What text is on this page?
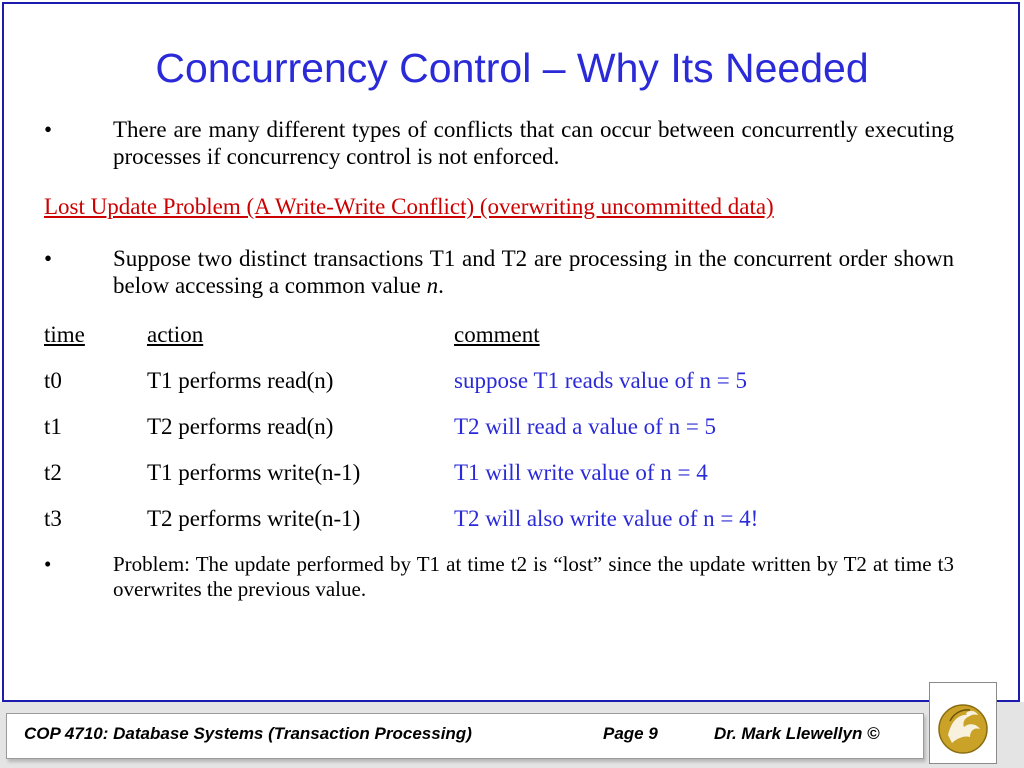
Concurrency Control – Why Its Needed
•	There are many different types of conflicts that can occur between concurrently executing processes if concurrency control is not enforced.
Lost Update Problem (A Write-Write Conflict) (overwriting uncommitted data)
•	Suppose two distinct transactions T1 and T2 are processing in the concurrent order shown below accessing a common value n.
time	action	comment
t0	T1 performs read(n)	suppose T1 reads value of n = 5
t1	T2 performs read(n)	T2 will read a value of n = 5
t2	T1 performs write(n-1)	T1 will write value of n = 4
t3	T2 performs write(n-1)	T2 will also write value of n = 4!
•	Problem: The update performed by T1 at time t2 is “lost” since the update written by T2 at time t3 overwrites the previous value.
COP 4710: Database Systems (Transaction Processing)	Page 9	Dr. Mark Llewellyn ©
